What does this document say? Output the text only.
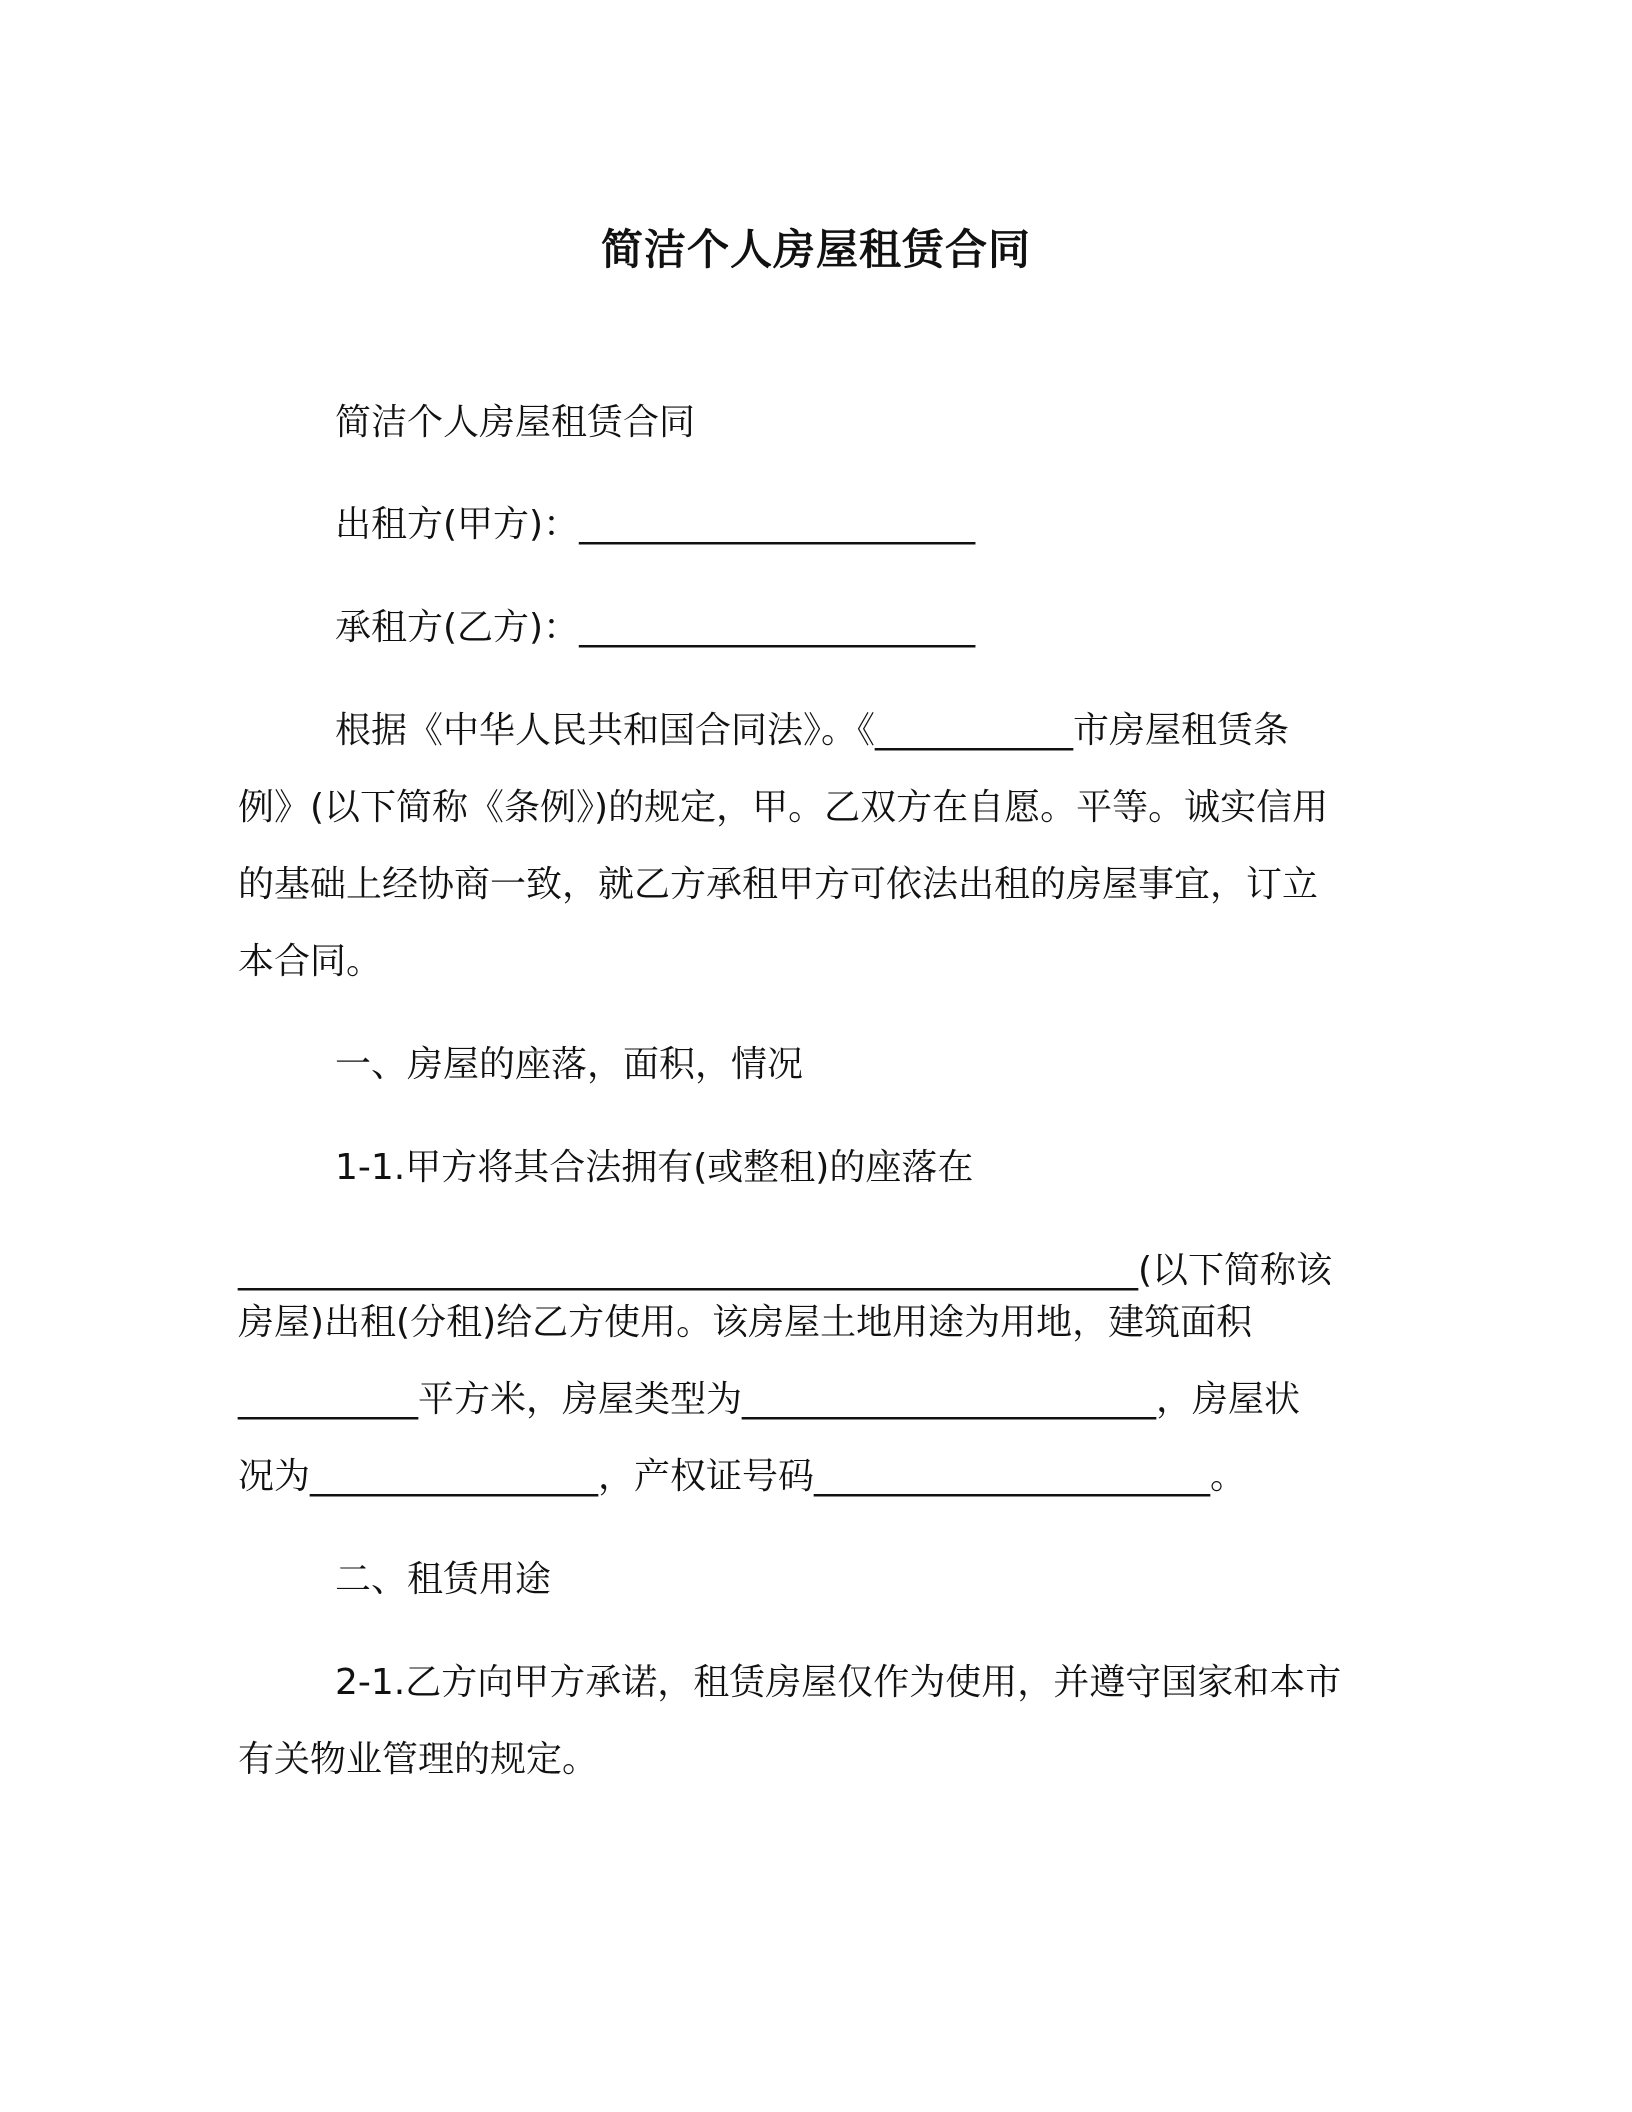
简洁个人房屋租赁合同

简洁个人房屋租赁合同

出租方(甲方)：______________________

承租方(乙方)：______________________

根据《中华人民共和国合同法》。《___________市房屋租赁条

例》(以下简称《条例》)的规定，甲。乙双方在自愿。平等。诚实信用

的基础上经协商一致，就乙方承租甲方可依法出租的房屋事宜，订立

本合同。

一、房屋的座落，面积，情况

1-1.甲方将其合法拥有(或整租)的座落在

__________________________________________________(以下简称该

房屋)出租(分租)给乙方使用。该房屋土地用途为用地，建筑面积

__________平方米，房屋类型为_______________________，房屋状

况为________________，产权证号码______________________。

二、租赁用途

2-1.乙方向甲方承诺，租赁房屋仅作为使用，并遵守国家和本市

有关物业管理的规定。
